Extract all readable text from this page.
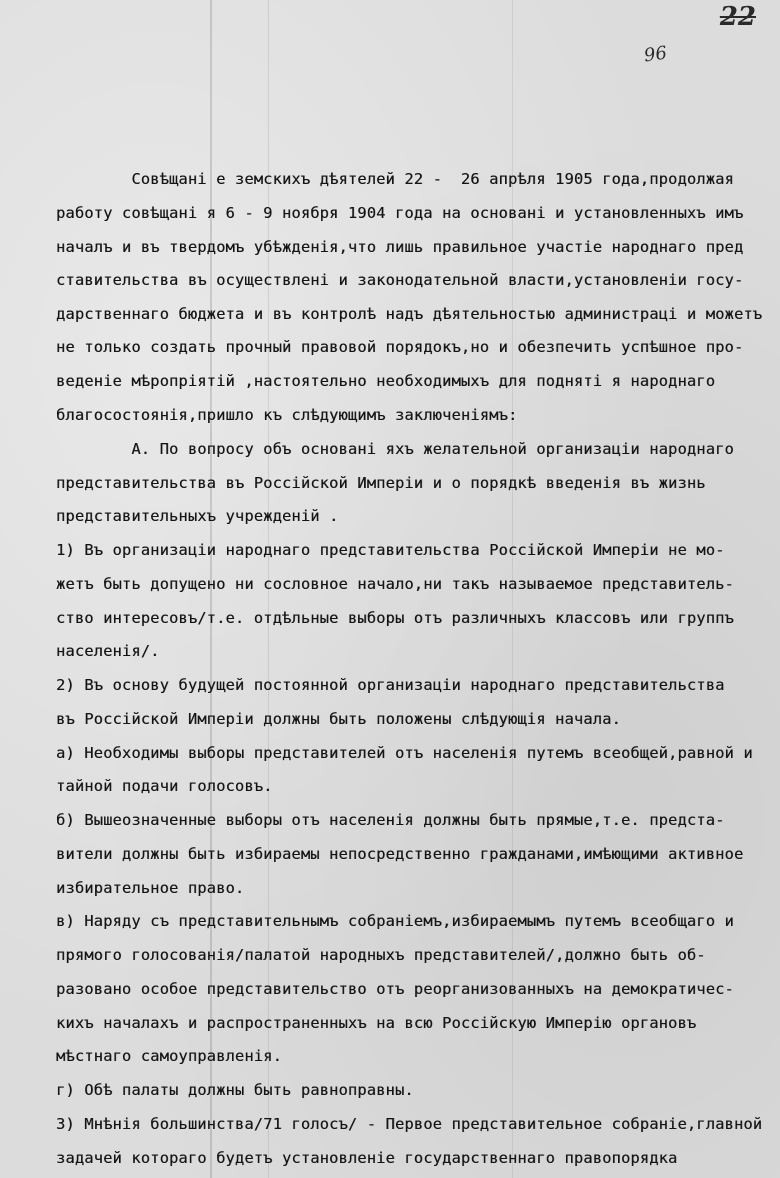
22
96
Совѣщані е земскихъ дѣятелей 22 -  26 апрѣля 1905 года,продолжая
работу совѣщані я 6 - 9 ноября 1904 года на основані и установленныхъ имъ
началъ и въ твердомъ убѣжденія,что лишь правильное участіе народнаго пред
ставительства въ осуществлені и законодательной власти,установленіи госу-
дарственнаго бюджета и въ контролѣ надъ дѣятельностью администраці и можетъ
не только создать прочный правовой порядокъ,но и обезпечить успѣшное про-
веденіе мѣропріятій ,настоятельно необходимыхъ для подняті я народнаго
благосостоянія,пришло къ слѣдующимъ заключеніямъ:
А. По вопросу объ основані яхъ желательной организаціи народнаго
представительства въ Россійской Имперіи и о порядкѣ введенія въ жизнь
представительныхъ учрежденій .
1) Въ организаціи народнаго представительства Россійской Имперіи не мо-
жетъ быть допущено ни сословное начало,ни такъ называемое представитель-
ство интересовъ/т.е. отдѣльные выборы отъ различныхъ классовъ или группъ
населенія/.
2) Въ основу будущей постоянной организаціи народнаго представительства
въ Россійской Имперіи должны быть положены слѣдующія начала.
а) Необходимы выборы представителей отъ населенія путемъ всеобщей,равной и
тайной подачи голосовъ.
б) Вышеозначенные выборы отъ населенія должны быть прямые,т.е. предста-
вители должны быть избираемы непосредственно гражданами,имѣющими активное
избирательное право.
в) Наряду съ представительнымъ собраніемъ,избираемымъ путемъ всеобщаго и
прямого голосованія/палатой народныхъ представителей/,должно быть об-
разовано особое представительство отъ реорганизованныхъ на демократичес-
кихъ началахъ и распространенныхъ на всю Россійскую Имперію органовъ
мѣстнаго самоуправленія.
г) Обѣ палаты должны быть равноправны.
3) Мнѣнія большинства/71 голосъ/ - Первое представительное собраніе,главной
задачей котораго будетъ установленіе государственнаго правопорядка
